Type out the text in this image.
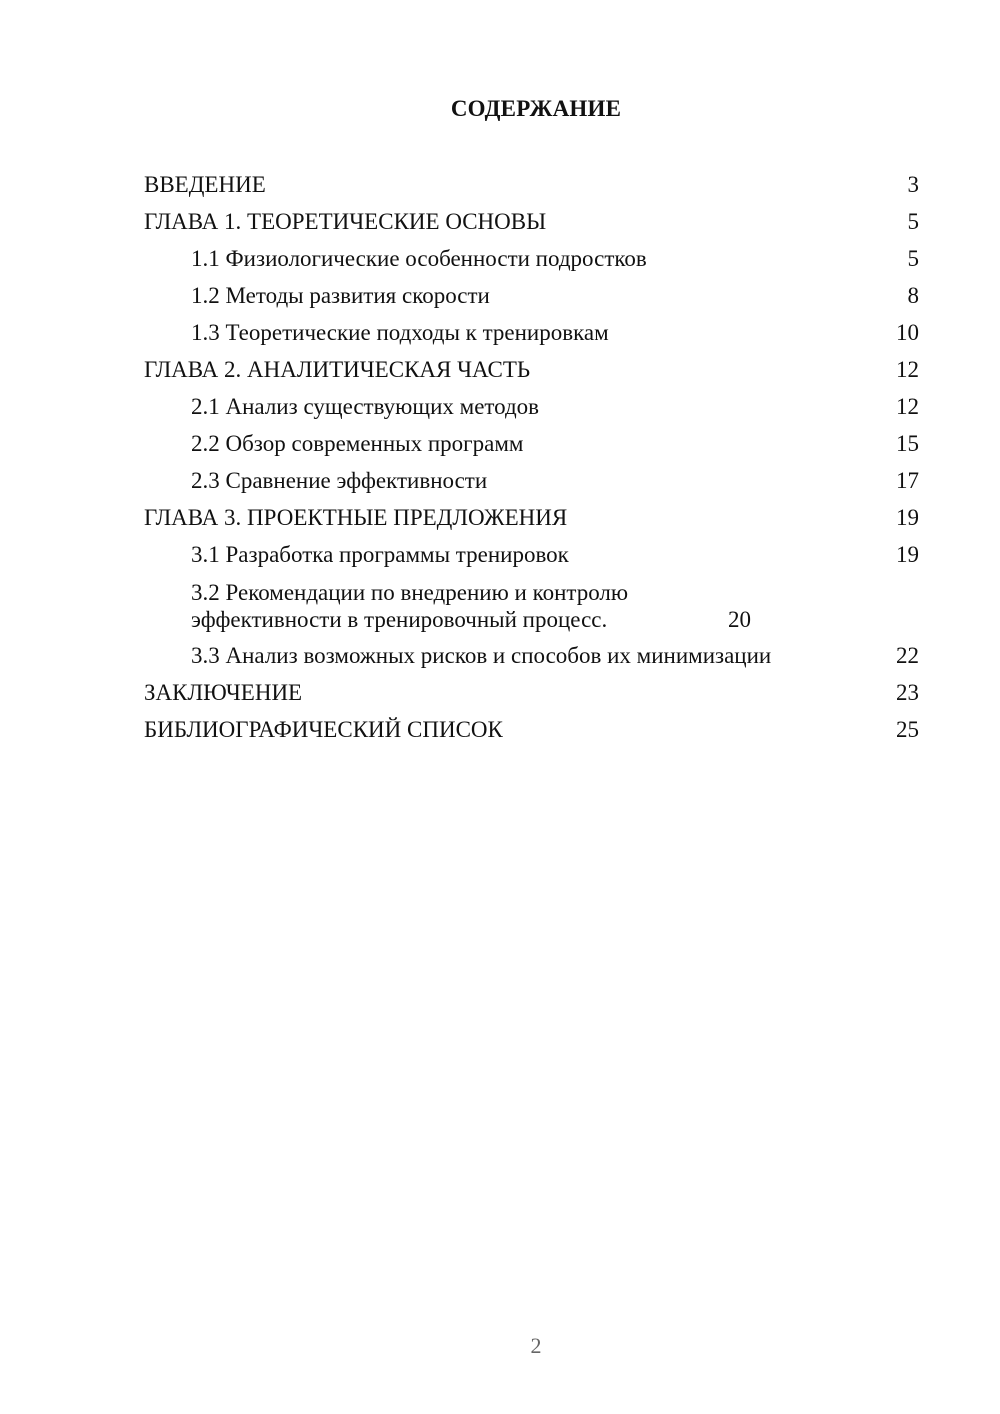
СОДЕРЖАНИЕ
ВВЕДЕНИЕ	3
ГЛАВА 1. ТЕОРЕТИЧЕСКИЕ ОСНОВЫ	5
1.1 Физиологические особенности подростков	5
1.2 Методы развития скорости	8
1.3 Теоретические подходы к тренировкам	10
ГЛАВА 2. АНАЛИТИЧЕСКАЯ ЧАСТЬ	12
2.1 Анализ существующих методов	12
2.2 Обзор современных программ	15
2.3 Сравнение эффективности	17
ГЛАВА 3. ПРОЕКТНЫЕ ПРЕДЛОЖЕНИЯ	19
3.1 Разработка программы тренировок	19
3.2 Рекомендации по внедрению и контролю эффективности в тренировочный процесс.	20
3.3 Анализ возможных рисков и способов их минимизации	22
ЗАКЛЮЧЕНИЕ	23
БИБЛИОГРАФИЧЕСКИЙ СПИСОК	25
2
